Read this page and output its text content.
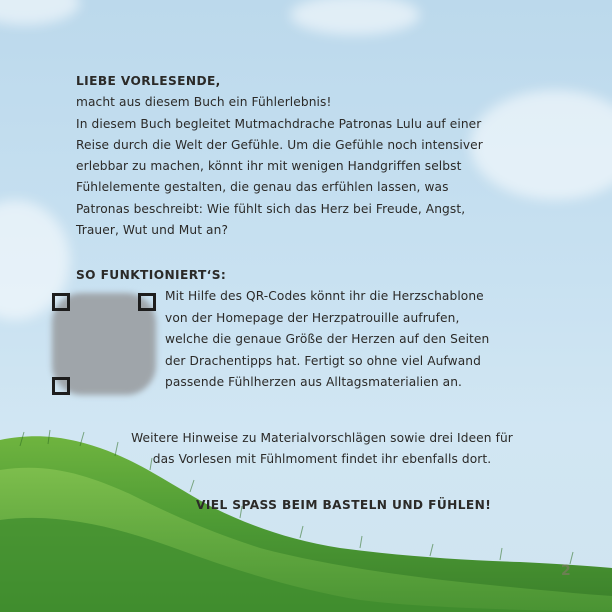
LIEBE VORLESENDE,
macht aus diesem Buch ein Fühlerlebnis!
In diesem Buch begleitet Mutmachdrache Patronas Lulu auf einer
Reise durch die Welt der Gefühle. Um die Gefühle noch intensiver
erlebbar zu machen, könnt ihr mit wenigen Handgriffen selbst
Fühlelemente gestalten, die genau das erfühlen lassen, was
Patronas beschreibt: Wie fühlt sich das Herz bei Freude, Angst,
Trauer, Wut und Mut an?
SO FUNKTIONIERT‘S:
Mit Hilfe des QR-Codes könnt ihr die Herzschablone
von der Homepage der Herzpatrouille aufrufen,
welche die genaue Größe der Herzen auf den Seiten
der Drachentipps hat. Fertigt so ohne viel Aufwand
passende Fühlherzen aus Alltagsmaterialien an.
Weitere Hinweise zu Materialvorschlägen sowie drei Ideen für
das Vorlesen mit Fühlmoment findet ihr ebenfalls dort.
VIEL SPASS BEIM BASTELN UND FÜHLEN!
2
